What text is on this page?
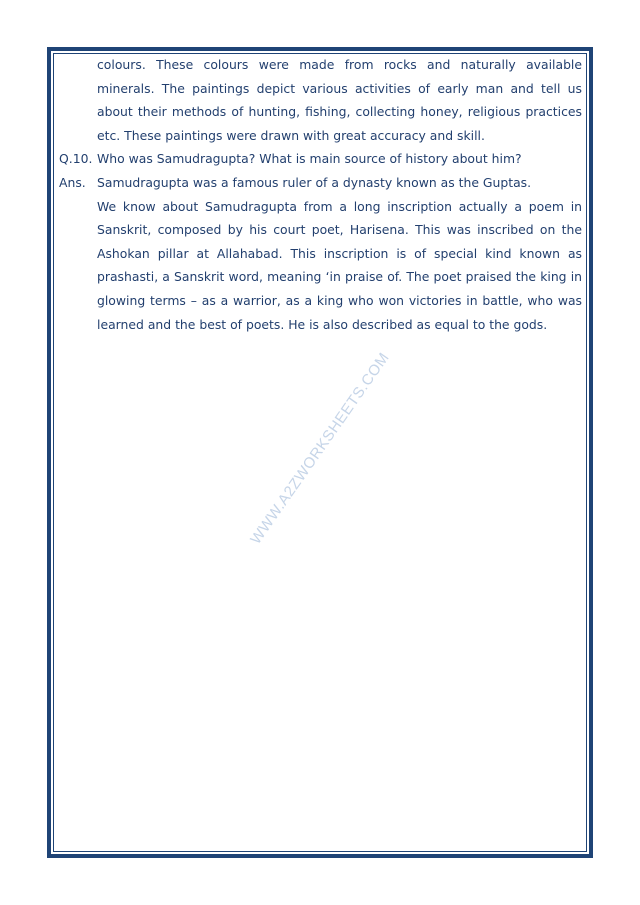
WWW.A2ZWORKSHEETS.COM
colours. These colours were made from rocks and naturally available minerals. The paintings depict various activities of early man and tell us about their methods of hunting, fishing, collecting honey, religious practices etc. These paintings were drawn with great accuracy and skill.
Q.10. Who was Samudragupta? What is main source of history about him?
Ans. Samudragupta was a famous ruler of a dynasty known as the Guptas.
We know about Samudragupta from a long inscription actually a poem in Sanskrit, composed by his court poet, Harisena. This was inscribed on the Ashokan pillar at Allahabad. This inscription is of special kind known as prashasti, a Sanskrit word, meaning ‘in praise of. The poet praised the king in glowing terms – as a warrior, as a king who won victories in battle, who was learned and the best of poets. He is also described as equal to the gods.
